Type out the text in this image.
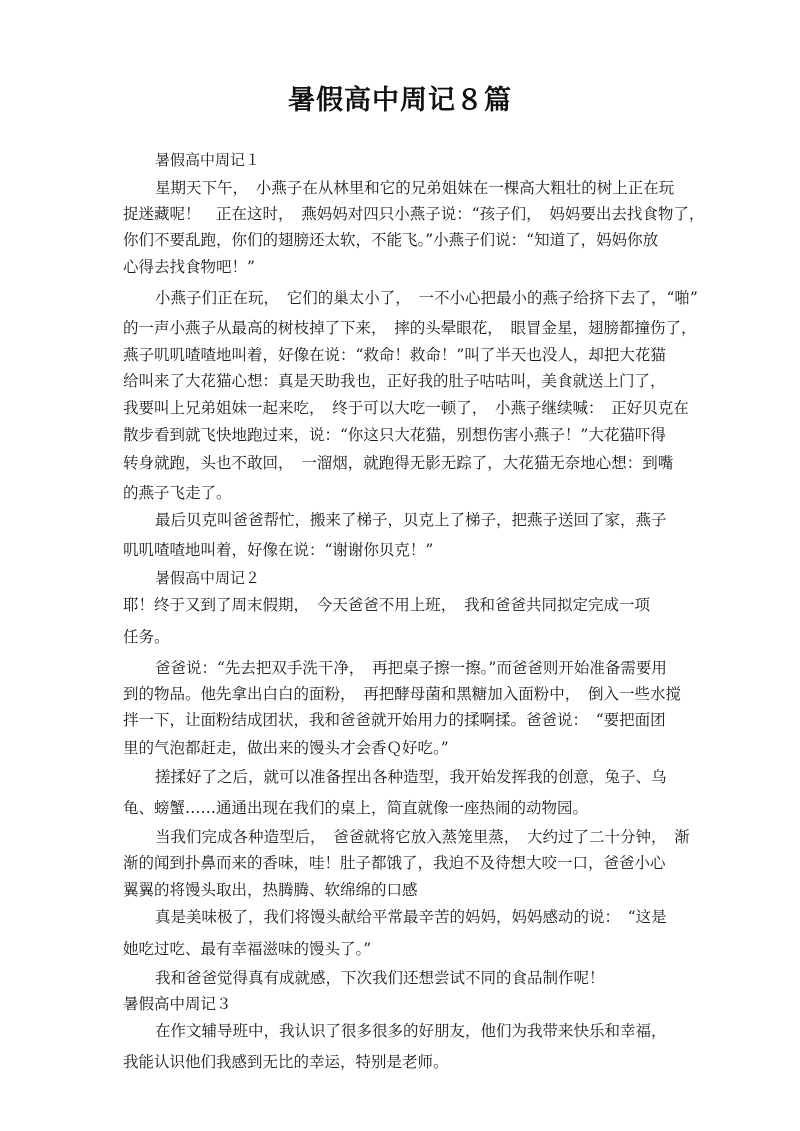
暑假高中周记８篇
暑假高中周记１
星期天下午，　小燕子在从林里和它的兄弟姐妹在一棵高大粗壮的树上正在玩
捉迷藏呢！　正在这时，　燕妈妈对四只小燕子说：“孩子们，　妈妈要出去找食物了，
你们不要乱跑，你们的翅膀还太软，不能飞。”小燕子们说：“知道了，妈妈你放
心得去找食物吧！”
小燕子们正在玩，　它们的巢太小了，　一不小心把最小的燕子给挤下去了，“啪”
的一声小燕子从最高的树枝掉了下来，　摔的头晕眼花，　眼冒金星，翅膀都撞伤了，
燕子叽叽喳喳地叫着，好像在说：“救命！救命！”叫了半天也没人，却把大花猫
给叫来了大花猫心想：真是天助我也，正好我的肚子咕咕叫，美食就送上门了，
我要叫上兄弟姐妹一起来吃，　终于可以大吃一顿了，　小燕子继续喊：　正好贝克在
散步看到就飞快地跑过来，说：“你这只大花猫，别想伤害小燕子！”大花猫吓得
转身就跑，头也不敢回，　一溜烟，就跑得无影无踪了，大花猫无奈地心想：到嘴
的燕子飞走了。
最后贝克叫爸爸帮忙，搬来了梯子，贝克上了梯子，把燕子送回了家，燕子
叽叽喳喳地叫着，好像在说：“谢谢你贝克！”
暑假高中周记２
耶！终于又到了周末假期，　今天爸爸不用上班，　我和爸爸共同拟定完成一项
任务。
爸爸说：“先去把双手洗干净，　再把桌子擦一擦。”而爸爸则开始准备需要用
到的物品。他先拿出白白的面粉，　再把酵母菌和黑糖加入面粉中，　倒入一些水搅
拌一下，让面粉结成团状，我和爸爸就开始用力的揉啊揉。爸爸说：　“要把面团
里的气泡都赶走，做出来的馒头才会香Ｑ好吃。”
搓揉好了之后，就可以准备捏出各种造型，我开始发挥我的创意，兔子、乌
龟、螃蟹……通通出现在我们的桌上，简直就像一座热闹的动物园。
当我们完成各种造型后，　爸爸就将它放入蒸笼里蒸，　大约过了二十分钟，　渐
渐的闻到扑鼻而来的香味，哇！肚子都饿了，我迫不及待想大咬一口，爸爸小心
翼翼的将馒头取出，热腾腾、软绵绵的口感
真是美味极了，我们将馒头献给平常最辛苦的妈妈，妈妈感动的说：　“这是
她吃过吃、最有幸福滋味的馒头了。”
我和爸爸觉得真有成就感，下次我们还想尝试不同的食品制作呢！
暑假高中周记３
在作文辅导班中，我认识了很多很多的好朋友，他们为我带来快乐和幸福，
我能认识他们我感到无比的幸运，特别是老师。
